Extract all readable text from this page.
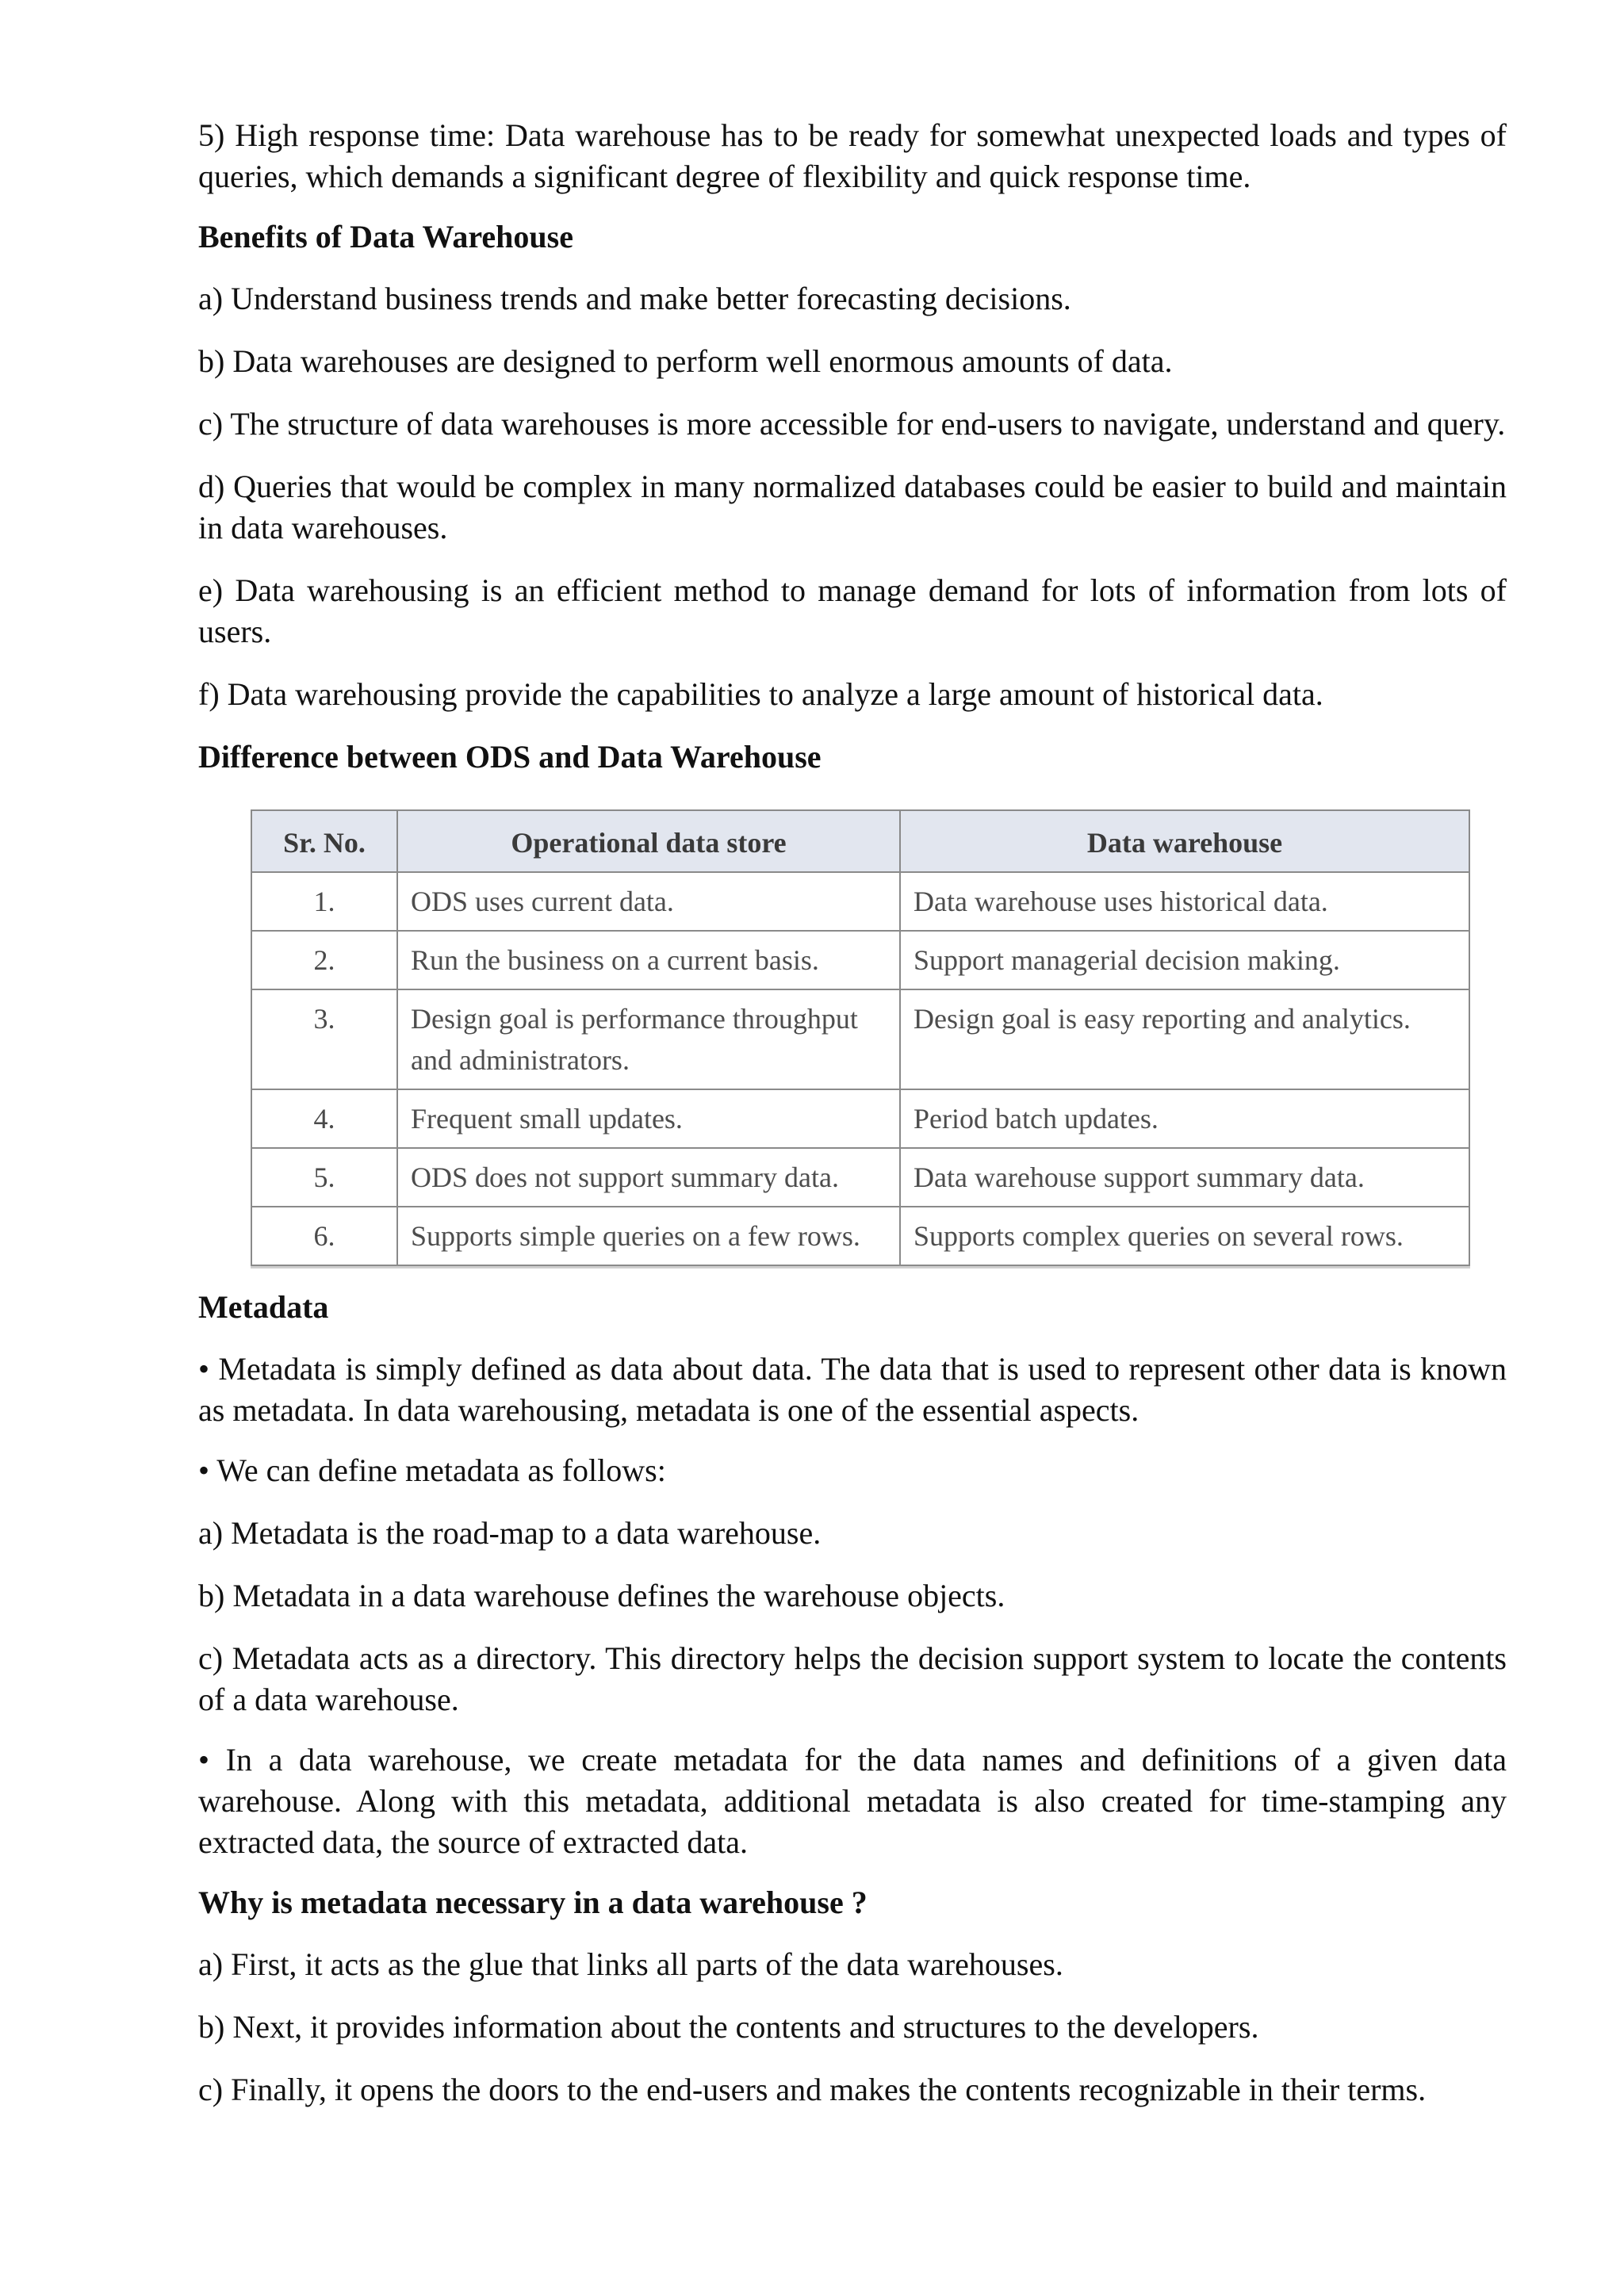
5) High response time: Data warehouse has to be ready for somewhat unexpected loads and types of queries, which demands a significant degree of flexibility and quick response time.

Benefits of Data Warehouse

a) Understand business trends and make better forecasting decisions.

b) Data warehouses are designed to perform well enormous amounts of data.

c) The structure of data warehouses is more accessible for end-users to navigate, understand and query.

d) Queries that would be complex in many normalized databases could be easier to build and maintain in data warehouses.

e) Data warehousing is an efficient method to manage demand for lots of information from lots of users.

f) Data warehousing provide the capabilities to analyze a large amount of historical data.

Difference between ODS and Data Warehouse
Sr. No.	Operational data store	Data warehouse
1.	ODS uses current data.	Data warehouse uses historical data.
2.	Run the business on a current basis.	Support managerial decision making.
3.	Design goal is performance throughput and administrators.	Design goal is easy reporting and analytics.
4.	Frequent small updates.	Period batch updates.
5.	ODS does not support summary data.	Data warehouse support summary data.
6.	Supports simple queries on a few rows.	Supports complex queries on several rows.
Metadata

• Metadata is simply defined as data about data. The data that is used to represent other data is known as metadata. In data warehousing, metadata is one of the essential aspects.

• We can define metadata as follows:

a) Metadata is the road-map to a data warehouse.

b) Metadata in a data warehouse defines the warehouse objects.

c) Metadata acts as a directory. This directory helps the decision support system to locate the contents of a data warehouse.

• In a data warehouse, we create metadata for the data names and definitions of a given data warehouse. Along with this metadata, additional metadata is also created for time-stamping any extracted data, the source of extracted data.

Why is metadata necessary in a data warehouse ?

a) First, it acts as the glue that links all parts of the data warehouses.

b) Next, it provides information about the contents and structures to the developers.

c) Finally, it opens the doors to the end-users and makes the contents recognizable in their terms.
